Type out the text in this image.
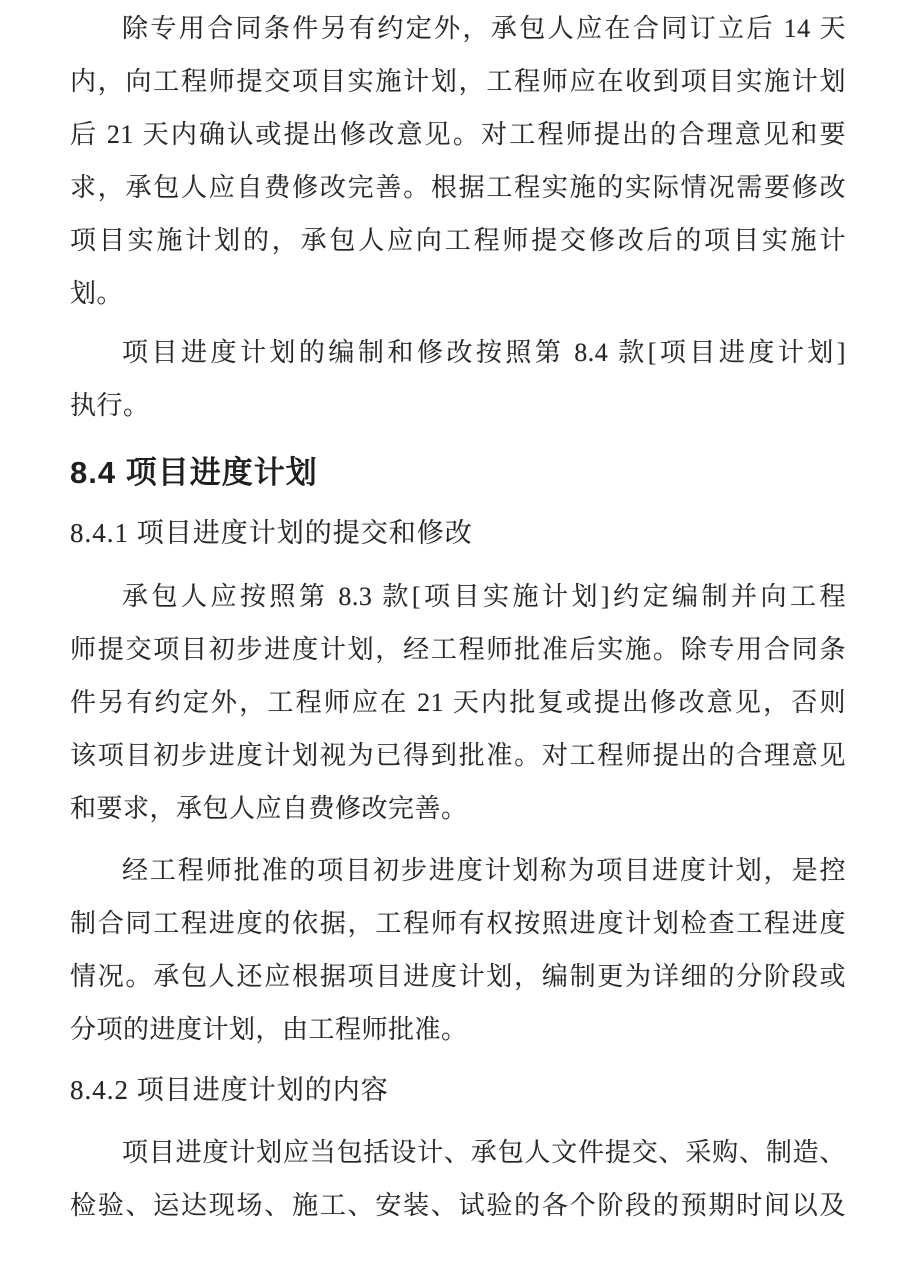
除专用合同条件另有约定外，承包人应在合同订立后 14 天
内，向工程师提交项目实施计划，工程师应在收到项目实施计划
后 21 天内确认或提出修改意见。对工程师提出的合理意见和要
求，承包人应自费修改完善。根据工程实施的实际情况需要修改
项目实施计划的，承包人应向工程师提交修改后的项目实施计
划。
项目进度计划的编制和修改按照第 8.4 款[项目进度计划]
执行。
8.4 项目进度计划
8.4.1 项目进度计划的提交和修改
承包人应按照第 8.3 款[项目实施计划]约定编制并向工程
师提交项目初步进度计划，经工程师批准后实施。除专用合同条
件另有约定外，工程师应在 21 天内批复或提出修改意见，否则
该项目初步进度计划视为已得到批准。对工程师提出的合理意见
和要求，承包人应自费修改完善。
经工程师批准的项目初步进度计划称为项目进度计划，是控
制合同工程进度的依据，工程师有权按照进度计划检查工程进度
情况。承包人还应根据项目进度计划，编制更为详细的分阶段或
分项的进度计划，由工程师批准。
8.4.2 项目进度计划的内容
项目进度计划应当包括设计、承包人文件提交、采购、制造、
检验、运达现场、施工、安装、试验的各个阶段的预期时间以及
